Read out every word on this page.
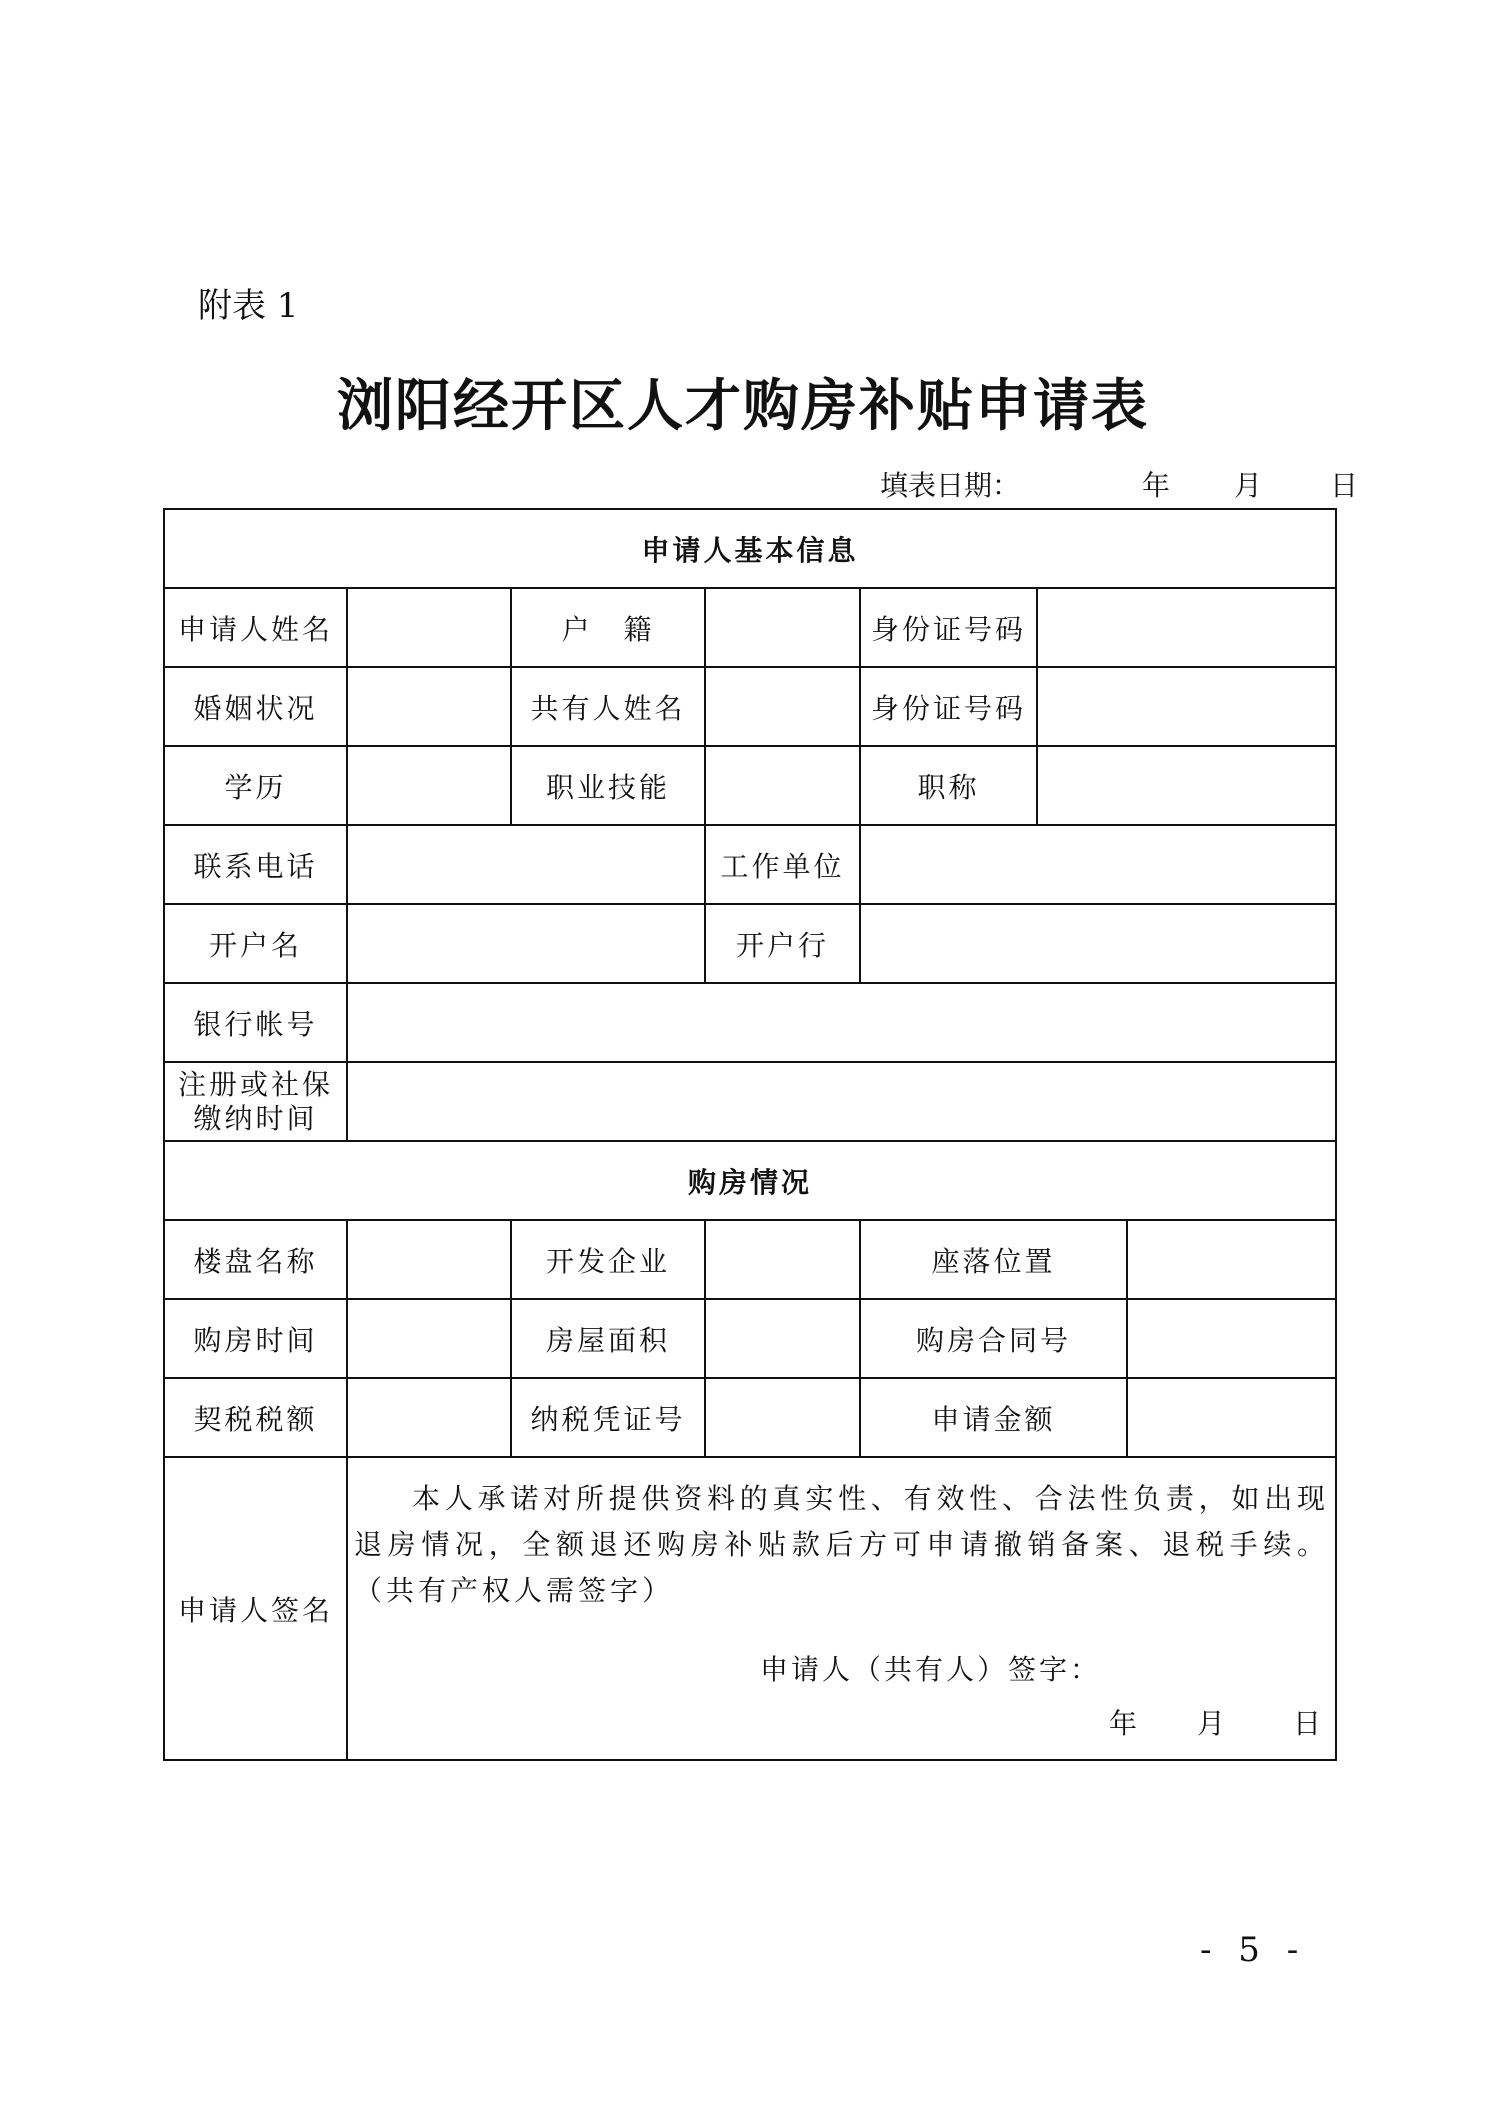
附表 1
浏阳经开区人才购房补贴申请表
填表日期：	年 月 日
申请人基本信息						
申请人姓名		户　籍		身份证号码		
婚姻状况		共有人姓名		身份证号码		
学历		职业技能		职称		
联系电话			工作单位			
开户名			开户行			
银行帐号						

注册或社保
缴纳时间						

购房情况						
楼盘名称		开发企业		座落位置		
购房时间		房屋面积		购房合同号		
契税税额		纳税凭证号		申请金额		
申请人签名	本人承诺对所提供资料的真实性、有效性、合法性负责，如出现退房情况，全额退还购房补贴款后方可申请撤销备案、退税手续。（共有产权人需签字）
申请人（共有人）签字：
年 月 日					
- 5 -
